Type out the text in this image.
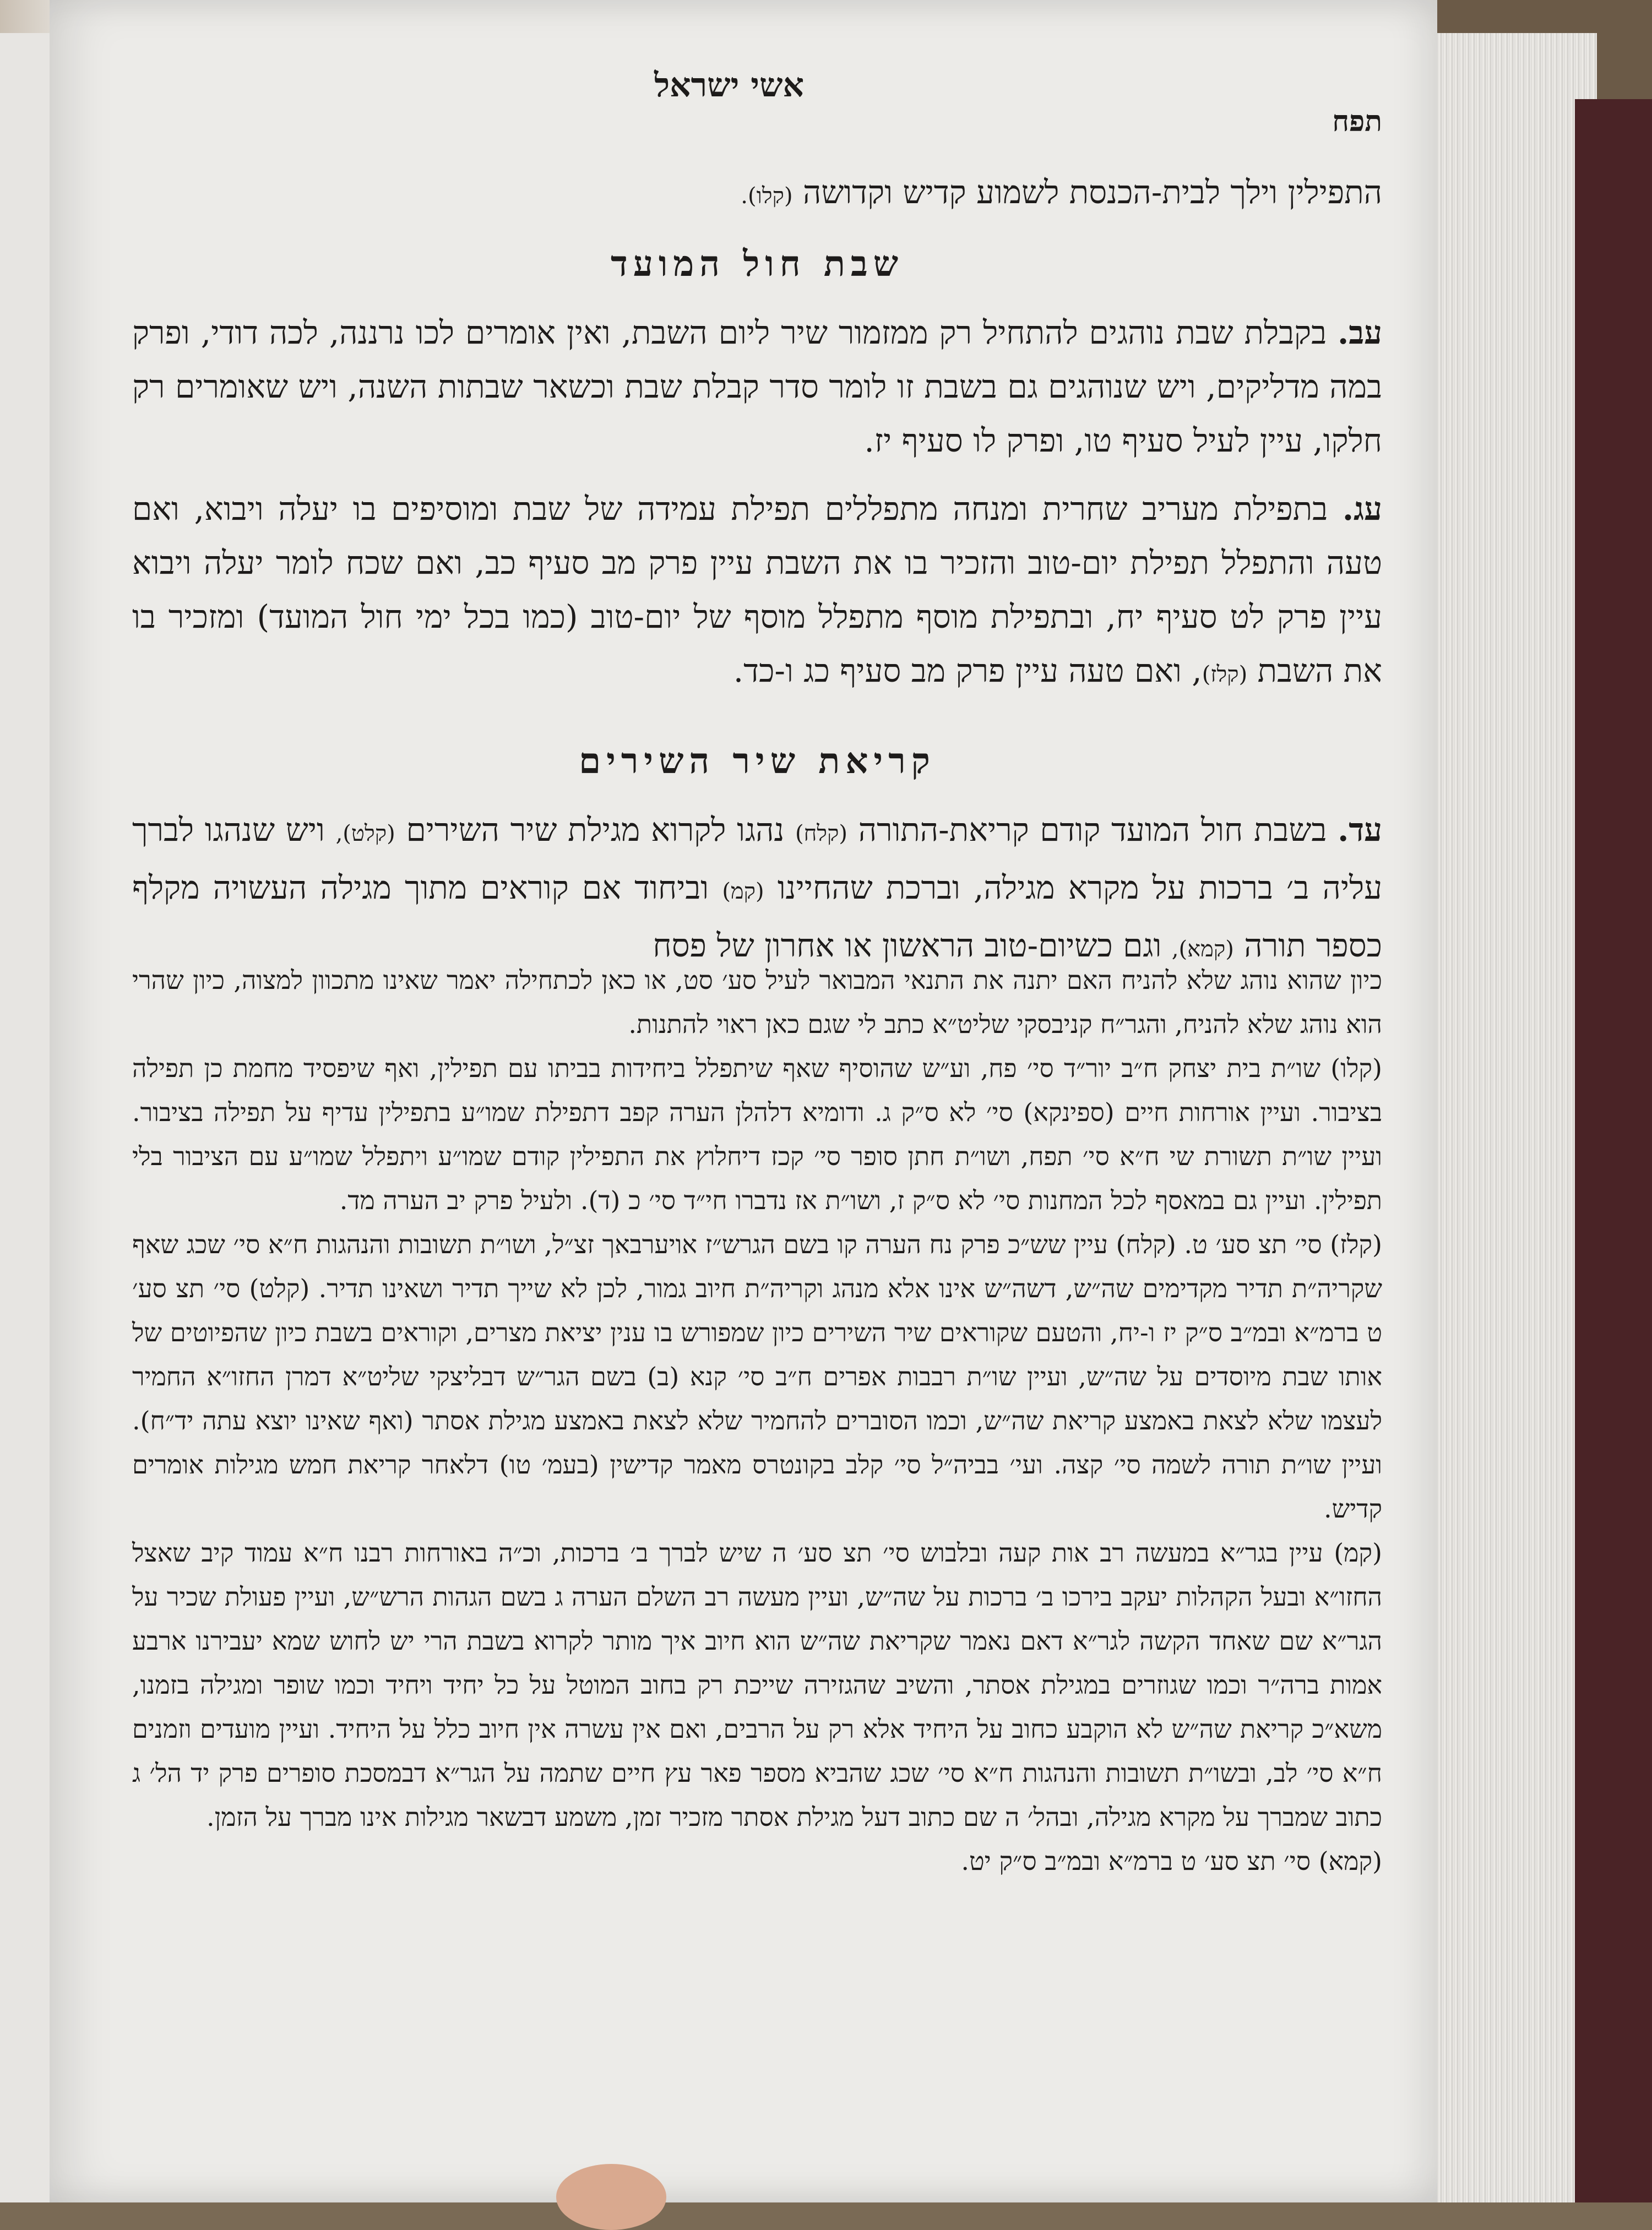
אשי ישראל
תפח

התפילין וילך לבית-הכנסת לשמוע קדיש וקדושה (קלו).

שבת חול המועד

עב. בקבלת שבת נוהגים להתחיל רק ממזמור שיר ליום השבת, ואין אומרים לכו נרננה, לכה דודי, ופרק במה מדליקים, ויש שנוהגים גם בשבת זו לומר סדר קבלת שבת וכשאר שבתות השנה, ויש שאומרים רק חלקו, עיין לעיל סעיף טו, ופרק לו סעיף יז.

עג. בתפילת מעריב שחרית ומנחה מתפללים תפילת עמידה של שבת ומוסיפים בו יעלה ויבוא, ואם טעה והתפלל תפילת יום-טוב והזכיר בו את השבת עיין פרק מב סעיף כב, ואם שכח לומר יעלה ויבוא עיין פרק לט סעיף יח, ובתפילת מוסף מתפלל מוסף של יום-טוב (כמו בכל ימי חול המועד) ומזכיר בו את השבת (קלז), ואם טעה עיין פרק מב סעיף כג ו-כד.

קריאת שיר השירים

עד. בשבת חול המועד קודם קריאת-התורה (קלח) נהגו לקרוא מגילת שיר השירים (קלט), ויש שנהגו לברך עליה ב׳ ברכות על מקרא מגילה, וברכת שהחיינו (קמ) וביחוד אם קוראים מתוך מגילה העשויה מקלף כספר תורה (קמא), וגם כשיום-טוב הראשון או אחרון של פסח

כיון שהוא נוהג שלא להניח האם יתנה את התנאי המבואר לעיל סע׳ סט, או כאן לכתחילה יאמר שאינו מתכוון למצוה, כיון שהרי הוא נוהג שלא להניח, והגר״ח קניבסקי שליט״א כתב לי שגם כאן ראוי להתנות.

(קלו) שו״ת בית יצחק ח״ב יור״ד סי׳ פח, וע״ש שהוסיף שאף שיתפלל ביחידות בביתו עם תפילין, ואף שיפסיד מחמת כן תפילה בציבור. ועיין אורחות חיים (ספינקא) סי׳ לא ס״ק ג. ודומיא דלהלן הערה קפב דתפילת שמו״ע בתפילין עדיף על תפילה בציבור. ועיין שו״ת תשורת שי ח״א סי׳ תפח, ושו״ת חתן סופר סי׳ קכז דיחלוץ את התפילין קודם שמו״ע ויתפלל שמו״ע עם הציבור בלי תפילין. ועיין גם במאסף לכל המחנות סי׳ לא ס״ק ז, ושו״ת אז נדברו חי״ד סי׳ כ (ד). ולעיל פרק יב הערה מד.

(קלז) סי׳ תצ סע׳ ט. (קלח) עיין שש״כ פרק נח הערה קו בשם הגרש״ז אויערבאך זצ״ל, ושו״ת תשובות והנהגות ח״א סי׳ שכג שאף שקריה״ת תדיר מקדימים שה״ש, דשה״ש אינו אלא מנהג וקריה״ת חיוב גמור, לכן לא שייך תדיר ושאינו תדיר. (קלט) סי׳ תצ סע׳ ט ברמ״א ובמ״ב ס״ק יז ו-יח, והטעם שקוראים שיר השירים כיון שמפורש בו ענין יציאת מצרים, וקוראים בשבת כיון שהפיוטים של אותו שבת מיוסדים על שה״ש, ועיין שו״ת רבבות אפרים ח״ב סי׳ קנא (ב) בשם הגר״ש דבליצקי שליט״א דמרן החזו״א החמיר לעצמו שלא לצאת באמצע קריאת שה״ש, וכמו הסוברים להחמיר שלא לצאת באמצע מגילת אסתר (ואף שאינו יוצא עתה יד״ח). ועיין שו״ת תורה לשמה סי׳ קצה. ועי׳ בביה״ל סי׳ קלב בקונטרס מאמר קדישין (בעמ׳ טו) דלאחר קריאת חמש מגילות אומרים קדיש.

(קמ) עיין בגר״א במעשה רב אות קעה ובלבוש סי׳ תצ סע׳ ה שיש לברך ב׳ ברכות, וכ״ה באורחות רבנו ח״א עמוד קיב שאצל החזו״א ובעל הקהלות יעקב בירכו ב׳ ברכות על שה״ש, ועיין מעשה רב השלם הערה ג בשם הגהות הרש״ש, ועיין פעולת שכיר על הגר״א שם שאחד הקשה לגר״א דאם נאמר שקריאת שה״ש הוא חיוב איך מותר לקרוא בשבת הרי יש לחוש שמא יעבירנו ארבע אמות ברה״ר וכמו שגוזרים במגילת אסתר, והשיב שהגזירה שייכת רק בחוב המוטל על כל יחיד ויחיד וכמו שופר ומגילה בזמנו, משא״כ קריאת שה״ש לא הוקבע כחוב על היחיד אלא רק על הרבים, ואם אין עשרה אין חיוב כלל על היחיד. ועיין מועדים וזמנים ח״א סי׳ לב, ובשו״ת תשובות והנהגות ח״א סי׳ שכג שהביא מספר פאר עץ חיים שתמה על הגר״א דבמסכת סופרים פרק יד הל׳ ג כתוב שמברך על מקרא מגילה, ובהל׳ ה שם כתוב דעל מגילת אסתר מזכיר זמן, משמע דבשאר מגילות אינו מברך על הזמן.

(קמא) סי׳ תצ סע׳ ט ברמ״א ובמ״ב ס״ק יט.
